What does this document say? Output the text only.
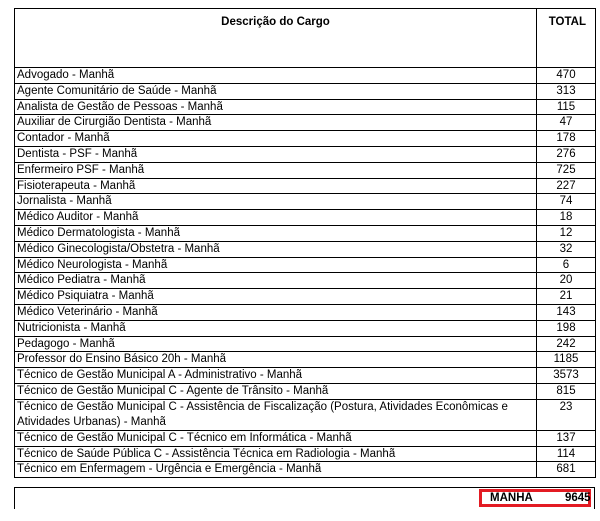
Descrição do Cargo	TOTAL
Advogado - Manhã	470
Agente Comunitário de Saúde - Manhã	313
Analista de Gestão de Pessoas - Manhã	115
Auxiliar de Cirurgião Dentista - Manhã	47
Contador - Manhã	178
Dentista - PSF - Manhã	276
Enfermeiro PSF - Manhã	725
Fisioterapeuta - Manhã	227
Jornalista - Manhã	74
Médico Auditor - Manhã	18
Médico Dermatologista - Manhã	12
Médico Ginecologista/Obstetra - Manhã	32
Médico Neurologista - Manhã	6
Médico Pediatra - Manhã	20
Médico Psiquiatra - Manhã	21
Médico Veterinário - Manhã	143
Nutricionista - Manhã	198
Pedagogo - Manhã	242
Professor do Ensino Básico 20h - Manhã	1185
Técnico de Gestão Municipal A - Administrativo - Manhã	3573
Técnico de Gestão Municipal C - Agente de Trânsito - Manhã	815
Técnico de Gestão Municipal C - Assistência de Fiscalização (Postura, Atividades Econômicas e Atividades Urbanas) - Manhã	23
Técnico de Gestão Municipal C - Técnico em Informática - Manhã	137
Técnico de Saúde Pública C - Assistência Técnica em Radiologia - Manhã	114
Técnico em Enfermagem - Urgência e Emergência - Manhã	681
MANHA	9645
